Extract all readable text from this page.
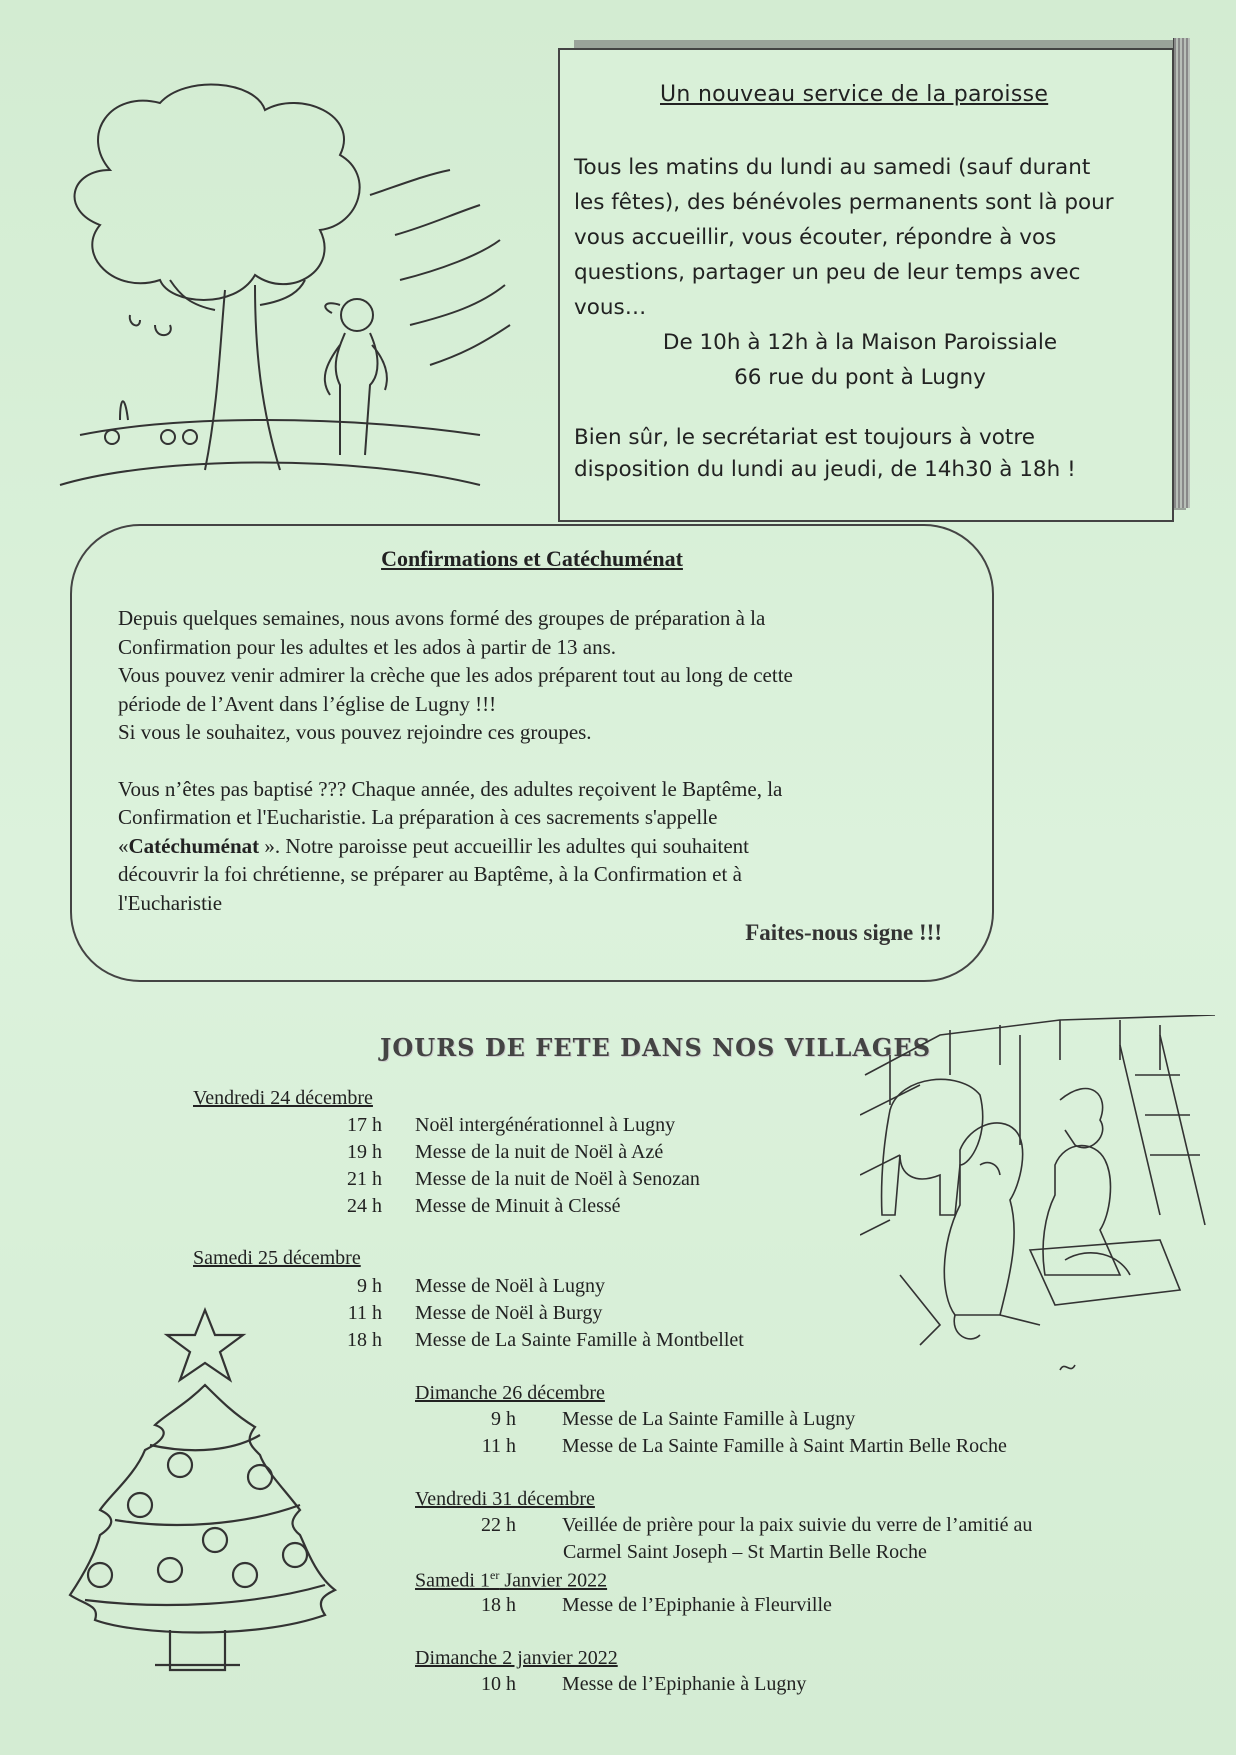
Un nouveau service de la paroisse
Tous les matins du lundi au samedi (sauf durant
les fêtes), des bénévoles permanents sont là pour
vous accueillir, vous écouter, répondre à vos
questions, partager un peu de leur temps avec
vous…
De 10h à 12h à la Maison Paroissiale
66 rue du pont à Lugny
Bien sûr, le secrétariat est toujours à votre
disposition du lundi au jeudi, de 14h30 à 18h !
Confirmations et Catéchuménat

Depuis quelques semaines, nous avons formé des groupes de préparation à la
Confirmation pour les adultes et les ados à partir de 13 ans.
Vous pouvez venir admirer la crèche que les ados préparent tout au long de cette
période de l’Avent dans l’église de Lugny !!!
Si vous le souhaitez, vous pouvez rejoindre ces groupes.

Vous n’êtes pas baptisé ??? Chaque année, des adultes reçoivent le Baptême, la
Confirmation et l'Eucharistie. La préparation à ces sacrements s'appelle
«Catéchuménat ». Notre paroisse peut accueillir les adultes qui souhaitent
découvrir la foi chrétienne, se préparer au Baptême, à la Confirmation et à
l'Eucharistie

Faites-nous signe !!!
JOURS DE FETE DANS NOS VILLAGES
Vendredi 24 décembre
17 h Noël intergénérationnel à Lugny
19 h Messe de la nuit de Noël à Azé
21 h Messe de la nuit de Noël à Senozan
24 h Messe de Minuit à Clessé
Samedi 25 décembre
9 h Messe de Noël à Lugny
11 h Messe de Noël à Burgy
18 h Messe de La Sainte Famille à Montbellet
Dimanche 26 décembre
9 h Messe de La Sainte Famille à Lugny
11 h Messe de La Sainte Famille à Saint Martin Belle Roche
Vendredi 31 décembre
22 h Veillée de prière pour la paix suivie du verre de l’amitié au
Carmel Saint Joseph – St Martin Belle Roche
Samedi 1er Janvier 2022
18 h Messe de l’Epiphanie à Fleurville
Dimanche 2 janvier 2022
10 h Messe de l’Epiphanie à Lugny
